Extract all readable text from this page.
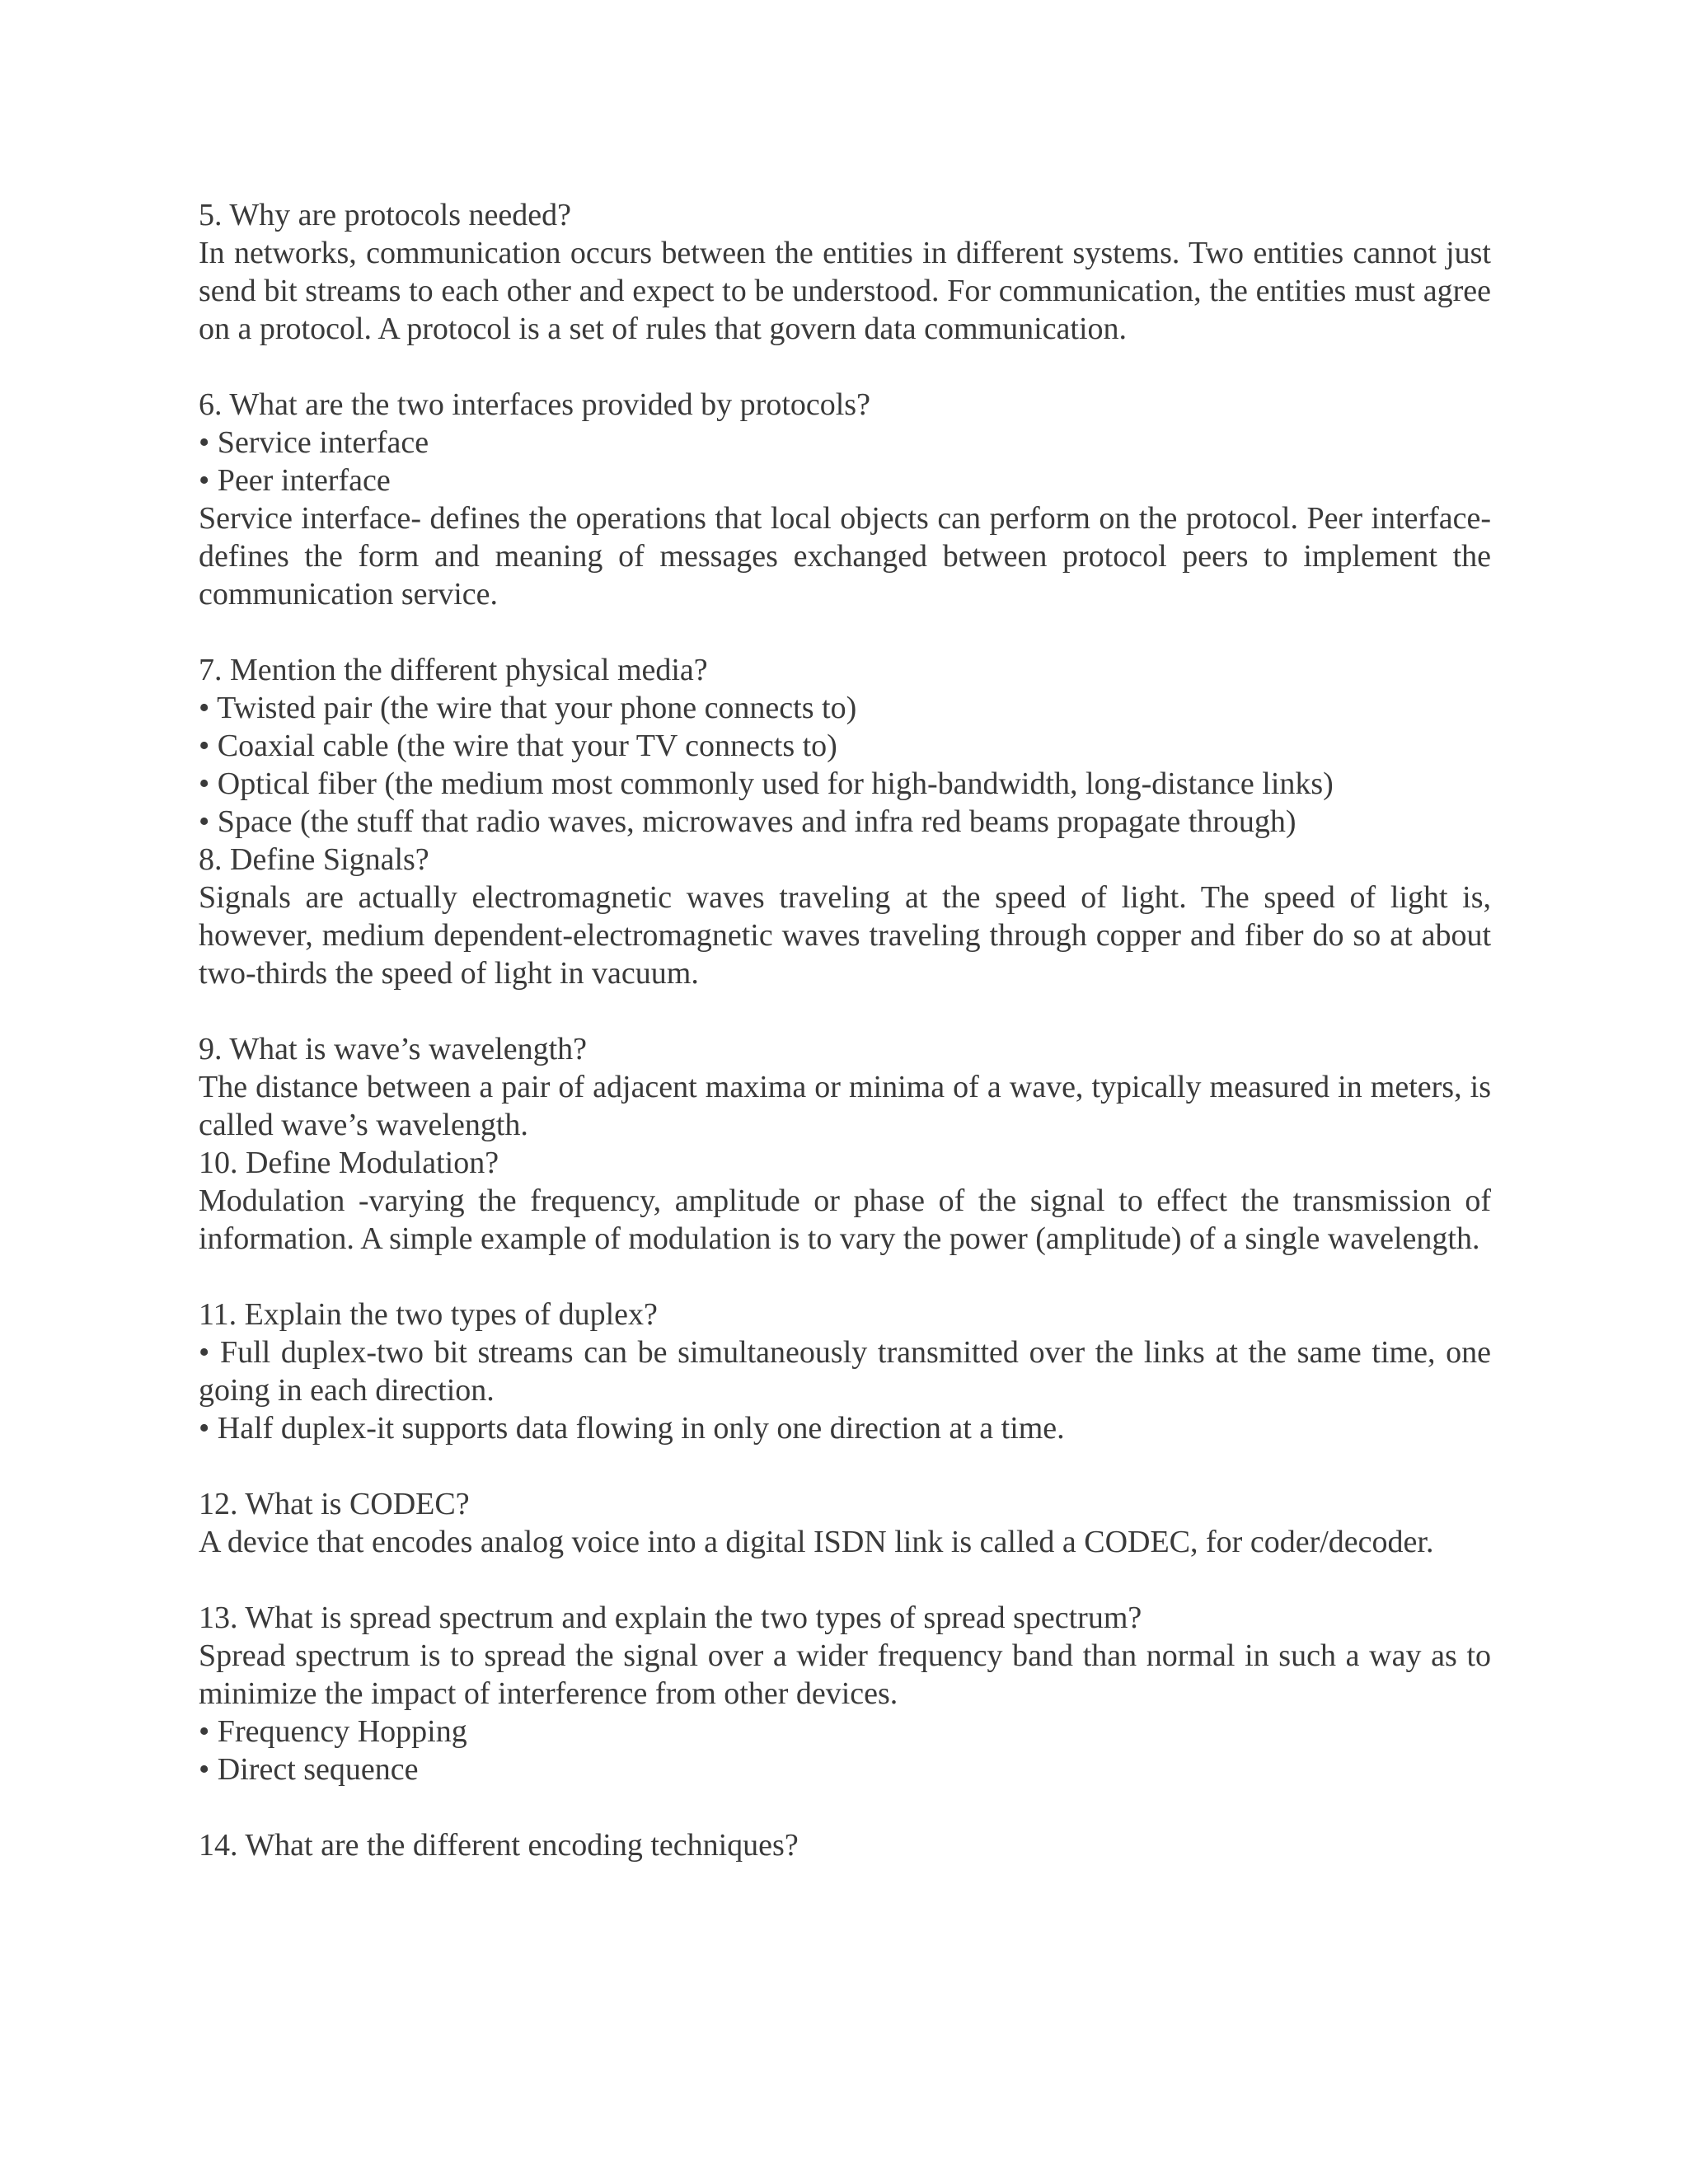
5. Why are protocols needed?
In networks, communication occurs between the entities in different systems. Two entities cannot just send bit streams to each other and expect to be understood. For communication, the entities must agree on a protocol. A protocol is a set of rules that govern data communication.
6. What are the two interfaces provided by protocols?
• Service interface
• Peer interface
Service interface- defines the operations that local objects can perform on the protocol. Peer interface- defines the form and meaning of messages exchanged between protocol peers to implement the communication service.
7. Mention the different physical media?
• Twisted pair (the wire that your phone connects to)
• Coaxial cable (the wire that your TV connects to)
• Optical fiber (the medium most commonly used for high-bandwidth, long-distance links)
• Space (the stuff that radio waves, microwaves and infra red beams propagate through)
8. Define Signals?
Signals are actually electromagnetic waves traveling at the speed of light. The speed of light is, however, medium dependent-electromagnetic waves traveling through copper and fiber do so at about two-thirds the speed of light in vacuum.
9. What is wave’s wavelength?
The distance between a pair of adjacent maxima or minima of a wave, typically measured in meters, is called wave’s wavelength.
10. Define Modulation?
Modulation -varying the frequency, amplitude or phase of the signal to effect the transmission of information. A simple example of modulation is to vary the power (amplitude) of a single wavelength.
11. Explain the two types of duplex?
• Full duplex-two bit streams can be simultaneously transmitted over the links at the same time, one going in each direction.
• Half duplex-it supports data flowing in only one direction at a time.
12. What is CODEC?
A device that encodes analog voice into a digital ISDN link is called a CODEC, for coder/decoder.
13. What is spread spectrum and explain the two types of spread spectrum?
Spread spectrum is to spread the signal over a wider frequency band than normal in such a way as to minimize the impact of interference from other devices.
• Frequency Hopping
• Direct sequence
14. What are the different encoding techniques?
